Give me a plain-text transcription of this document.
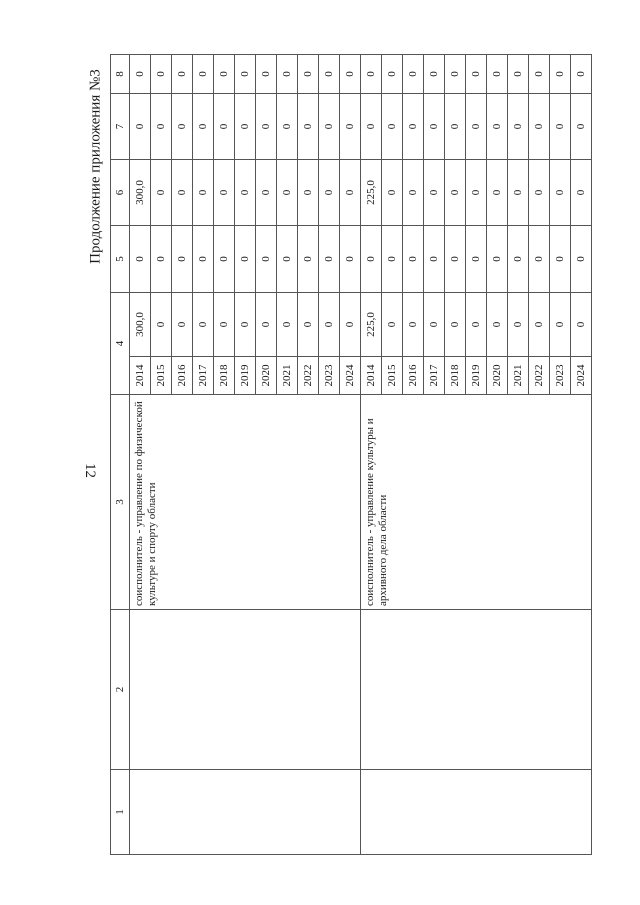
12
Продолжение приложения №3
1	2	3	4		5	6	7	8
		соисполнитель - управление по физической культуре и спорту области	2014	300,0	0	300,0	0	0
			2015	0	0	0	0	0
			2016	0	0	0	0	0
			2017	0	0	0	0	0
			2018	0	0	0	0	0
			2019	0	0	0	0	0
			2020	0	0	0	0	0
			2021	0	0	0	0	0
			2022	0	0	0	0	0
			2023	0	0	0	0	0
			2024	0	0	0	0	0
		соисполнитель - управление культуры и архивного дела области	2014	225,0	0	225,0	0	0
			2015	0	0	0	0	0
			2016	0	0	0	0	0
			2017	0	0	0	0	0
			2018	0	0	0	0	0
			2019	0	0	0	0	0
			2020	0	0	0	0	0
			2021	0	0	0	0	0
			2022	0	0	0	0	0
			2023	0	0	0	0	0
			2024	0	0	0	0	0
